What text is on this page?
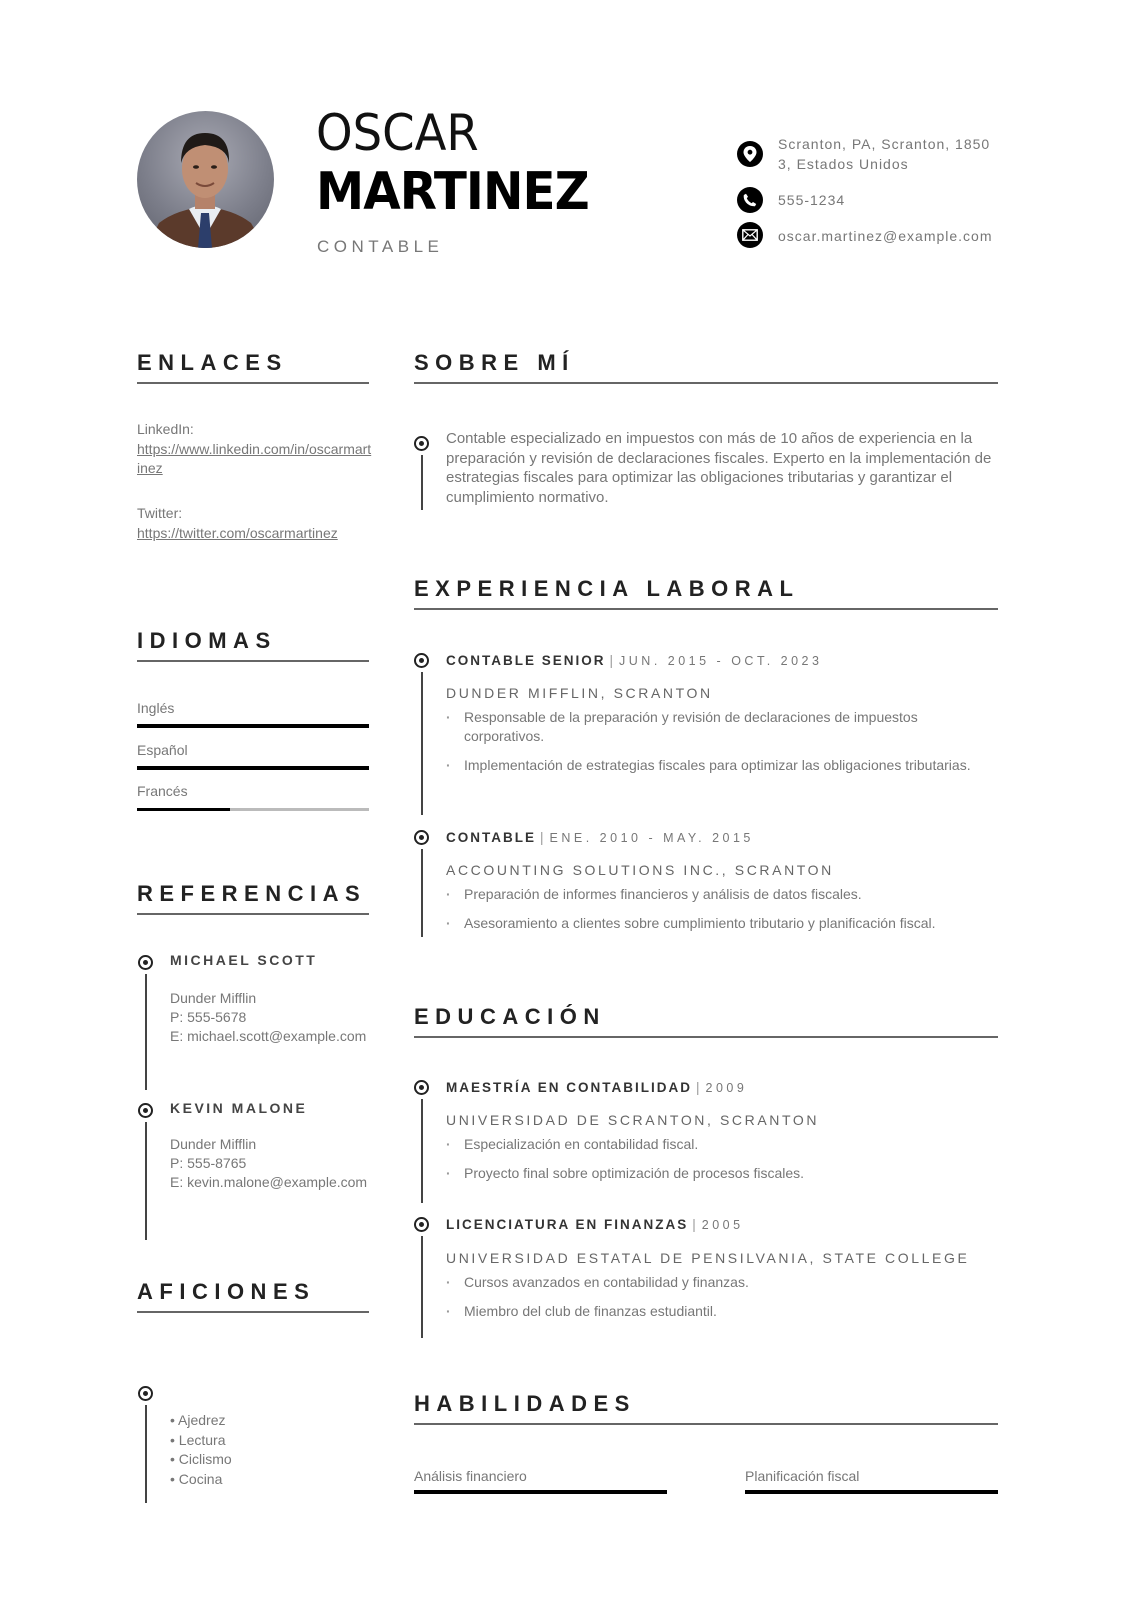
OSCAR
MARTINEZ
CONTABLE
Scranton, PA, Scranton, 18503, Estados Unidos
555-1234
oscar.martinez@example.com
ENLACES
LinkedIn:
https://www.linkedin.com/in/oscarmartinez
Twitter:
https://twitter.com/oscarmartinez
IDIOMAS
Inglés
Español
Francés
REFERENCIAS
MICHAEL SCOTT
Dunder Mifflin
P: 555-5678
E: michael.scott@example.com
KEVIN MALONE
Dunder Mifflin
P: 555-8765
E: kevin.malone@example.com
AFICIONES
• Ajedrez
• Lectura
• Ciclismo
• Cocina
SOBRE MÍ
Contable especializado en impuestos con más de 10 años de experiencia en la preparación y revisión de declaraciones fiscales. Experto en la implementación de estrategias fiscales para optimizar las obligaciones tributarias y garantizar el cumplimiento normativo.
EXPERIENCIA LABORAL
CONTABLE SENIOR | JUN. 2015 - OCT. 2023
DUNDER MIFFLIN, SCRANTON
· Responsable de la preparación y revisión de declaraciones de impuestos corporativos.
· Implementación de estrategias fiscales para optimizar las obligaciones tributarias.
CONTABLE | ENE. 2010 - MAY. 2015
ACCOUNTING SOLUTIONS INC., SCRANTON
· Preparación de informes financieros y análisis de datos fiscales.
· Asesoramiento a clientes sobre cumplimiento tributario y planificación fiscal.
EDUCACIÓN
MAESTRÍA EN CONTABILIDAD | 2009
UNIVERSIDAD DE SCRANTON, SCRANTON
· Especialización en contabilidad fiscal.
· Proyecto final sobre optimización de procesos fiscales.
LICENCIATURA EN FINANZAS | 2005
UNIVERSIDAD ESTATAL DE PENSILVANIA, STATE COLLEGE
· Cursos avanzados en contabilidad y finanzas.
· Miembro del club de finanzas estudiantil.
HABILIDADES
Análisis financiero	Planificación fiscal
